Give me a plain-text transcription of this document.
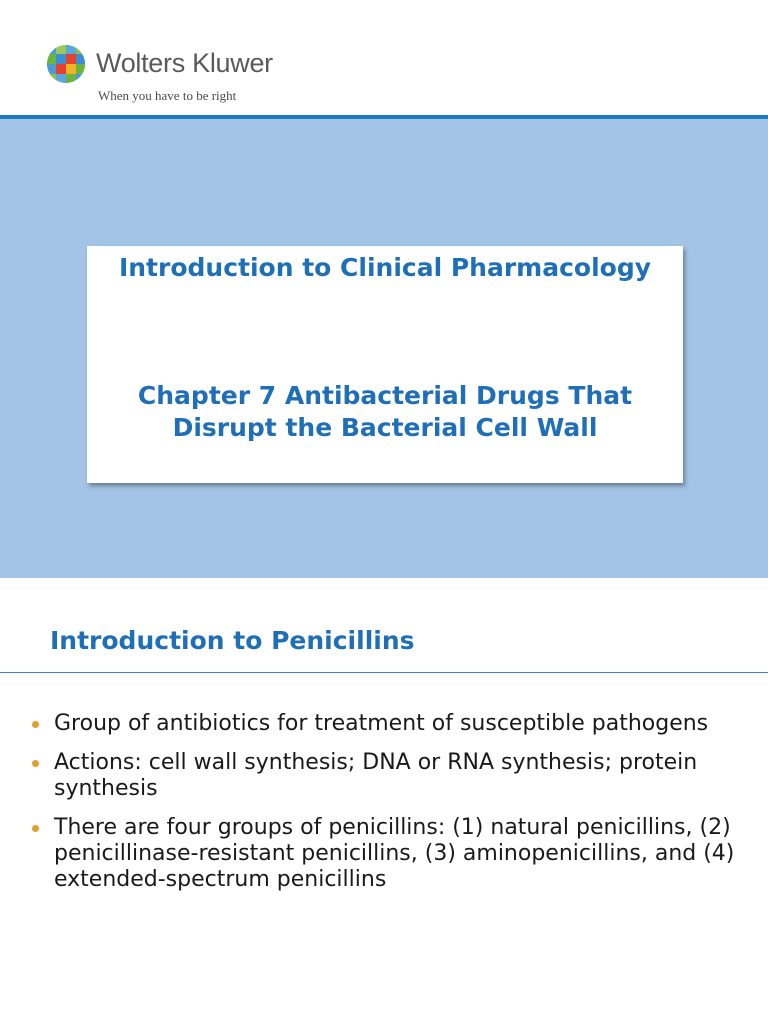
Wolters Kluwer
When you have to be right
Introduction to Clinical Pharmacology
Chapter 7 Antibacterial Drugs That Disrupt the Bacterial Cell Wall
Introduction to Penicillins
Group of antibiotics for treatment of susceptible pathogens
Actions: cell wall synthesis; DNA or RNA synthesis; protein synthesis
There are four groups of penicillins: (1) natural penicillins, (2) penicillinase-resistant penicillins, (3) aminopenicillins, and (4) extended-spectrum penicillins
